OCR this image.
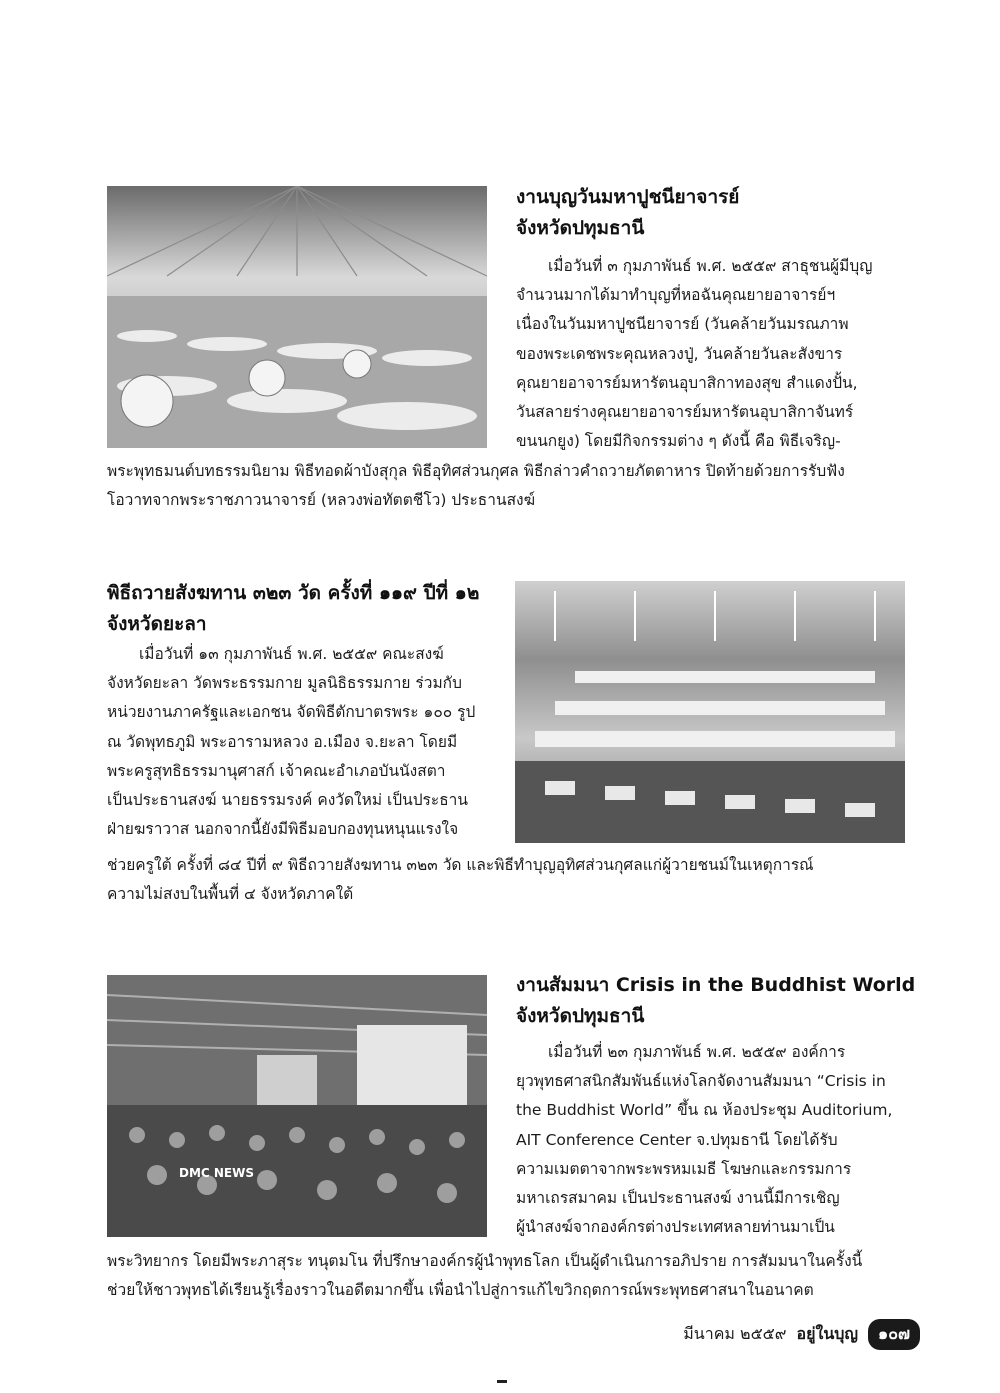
งานบุญวันมหาปูชนียาจารย์
จังหวัดปทุมธานี

เมื่อวันที่ ๓ กุมภาพันธ์ พ.ศ. ๒๕๕๙ สาธุชนผู้มีบุญ
จำนวนมากได้มาทำบุญที่หอฉันคุณยายอาจารย์ฯ
เนื่องในวันมหาปูชนียาจารย์ (วันคล้ายวันมรณภาพ
ของพระเดชพระคุณหลวงปู่, วันคล้ายวันละสังขาร
คุณยายอาจารย์มหารัตนอุบาสิกาทองสุข สำแดงปั้น,
วันสลายร่างคุณยายอาจารย์มหารัตนอุบาสิกาจันทร์
ขนนกยูง) โดยมีกิจกรรมต่าง ๆ ดังนี้ คือ พิธีเจริญ-

พระพุทธมนต์บทธรรมนิยาม พิธีทอดผ้าบังสุกุล พิธีอุทิศส่วนกุศล พิธีกล่าวคำถวายภัตตาหาร ปิดท้ายด้วยการรับฟัง
โอวาทจากพระราชภาวนาจารย์ (หลวงพ่อทัตตชีโว) ประธานสงฆ์

พิธีถวายสังฆทาน ๓๒๓ วัด ครั้งที่ ๑๑๙ ปีที่ ๑๒
จังหวัดยะลา

เมื่อวันที่ ๑๓ กุมภาพันธ์ พ.ศ. ๒๕๕๙ คณะสงฆ์
จังหวัดยะลา วัดพระธรรมกาย มูลนิธิธรรมกาย ร่วมกับ
หน่วยงานภาครัฐและเอกชน จัดพิธีตักบาตรพระ ๑๐๐ รูป
ณ วัดพุทธภูมิ พระอารามหลวง อ.เมือง จ.ยะลา โดยมี
พระครูสุทธิธรรมานุศาสก์ เจ้าคณะอำเภอบันนังสตา
เป็นประธานสงฆ์ นายธรรมรงค์ คงวัดใหม่ เป็นประธาน
ฝ่ายฆราวาส นอกจากนี้ยังมีพิธีมอบกองทุนหนุนแรงใจ

ช่วยครูใต้ ครั้งที่ ๘๔ ปีที่ ๙ พิธีถวายสังฆทาน ๓๒๓ วัด และพิธีทำบุญอุทิศส่วนกุศลแก่ผู้วายชนม์ในเหตุการณ์
ความไม่สงบในพื้นที่ ๔ จังหวัดภาคใต้

DMC NEWS
งานสัมมนา Crisis in the Buddhist World
จังหวัดปทุมธานี

เมื่อวันที่ ๒๓ กุมภาพันธ์ พ.ศ. ๒๕๕๙ องค์การ
ยุวพุทธศาสนิกสัมพันธ์แห่งโลกจัดงานสัมมนา “Crisis in
the Buddhist World” ขึ้น ณ ห้องประชุม Auditorium,
AIT Conference Center จ.ปทุมธานี โดยได้รับ
ความเมตตาจากพระพรหมเมธี โฆษกและกรรมการ
มหาเถรสมาคม เป็นประธานสงฆ์ งานนี้มีการเชิญ
ผู้นำสงฆ์จากองค์กรต่างประเทศหลายท่านมาเป็น

พระวิทยากร โดยมีพระภาสุระ ทนุตมโน ที่ปรึกษาองค์กรผู้นำพุทธโลก เป็นผู้ดำเนินการอภิปราย การสัมมนาในครั้งนี้
ช่วยให้ชาวพุทธได้เรียนรู้เรื่องราวในอดีตมากขึ้น เพื่อนำไปสู่การแก้ไขวิกฤตการณ์พระพุทธศาสนาในอนาคต

มีนาคม ๒๕๕๙ อยู่ในบุญ	๑๐๗
